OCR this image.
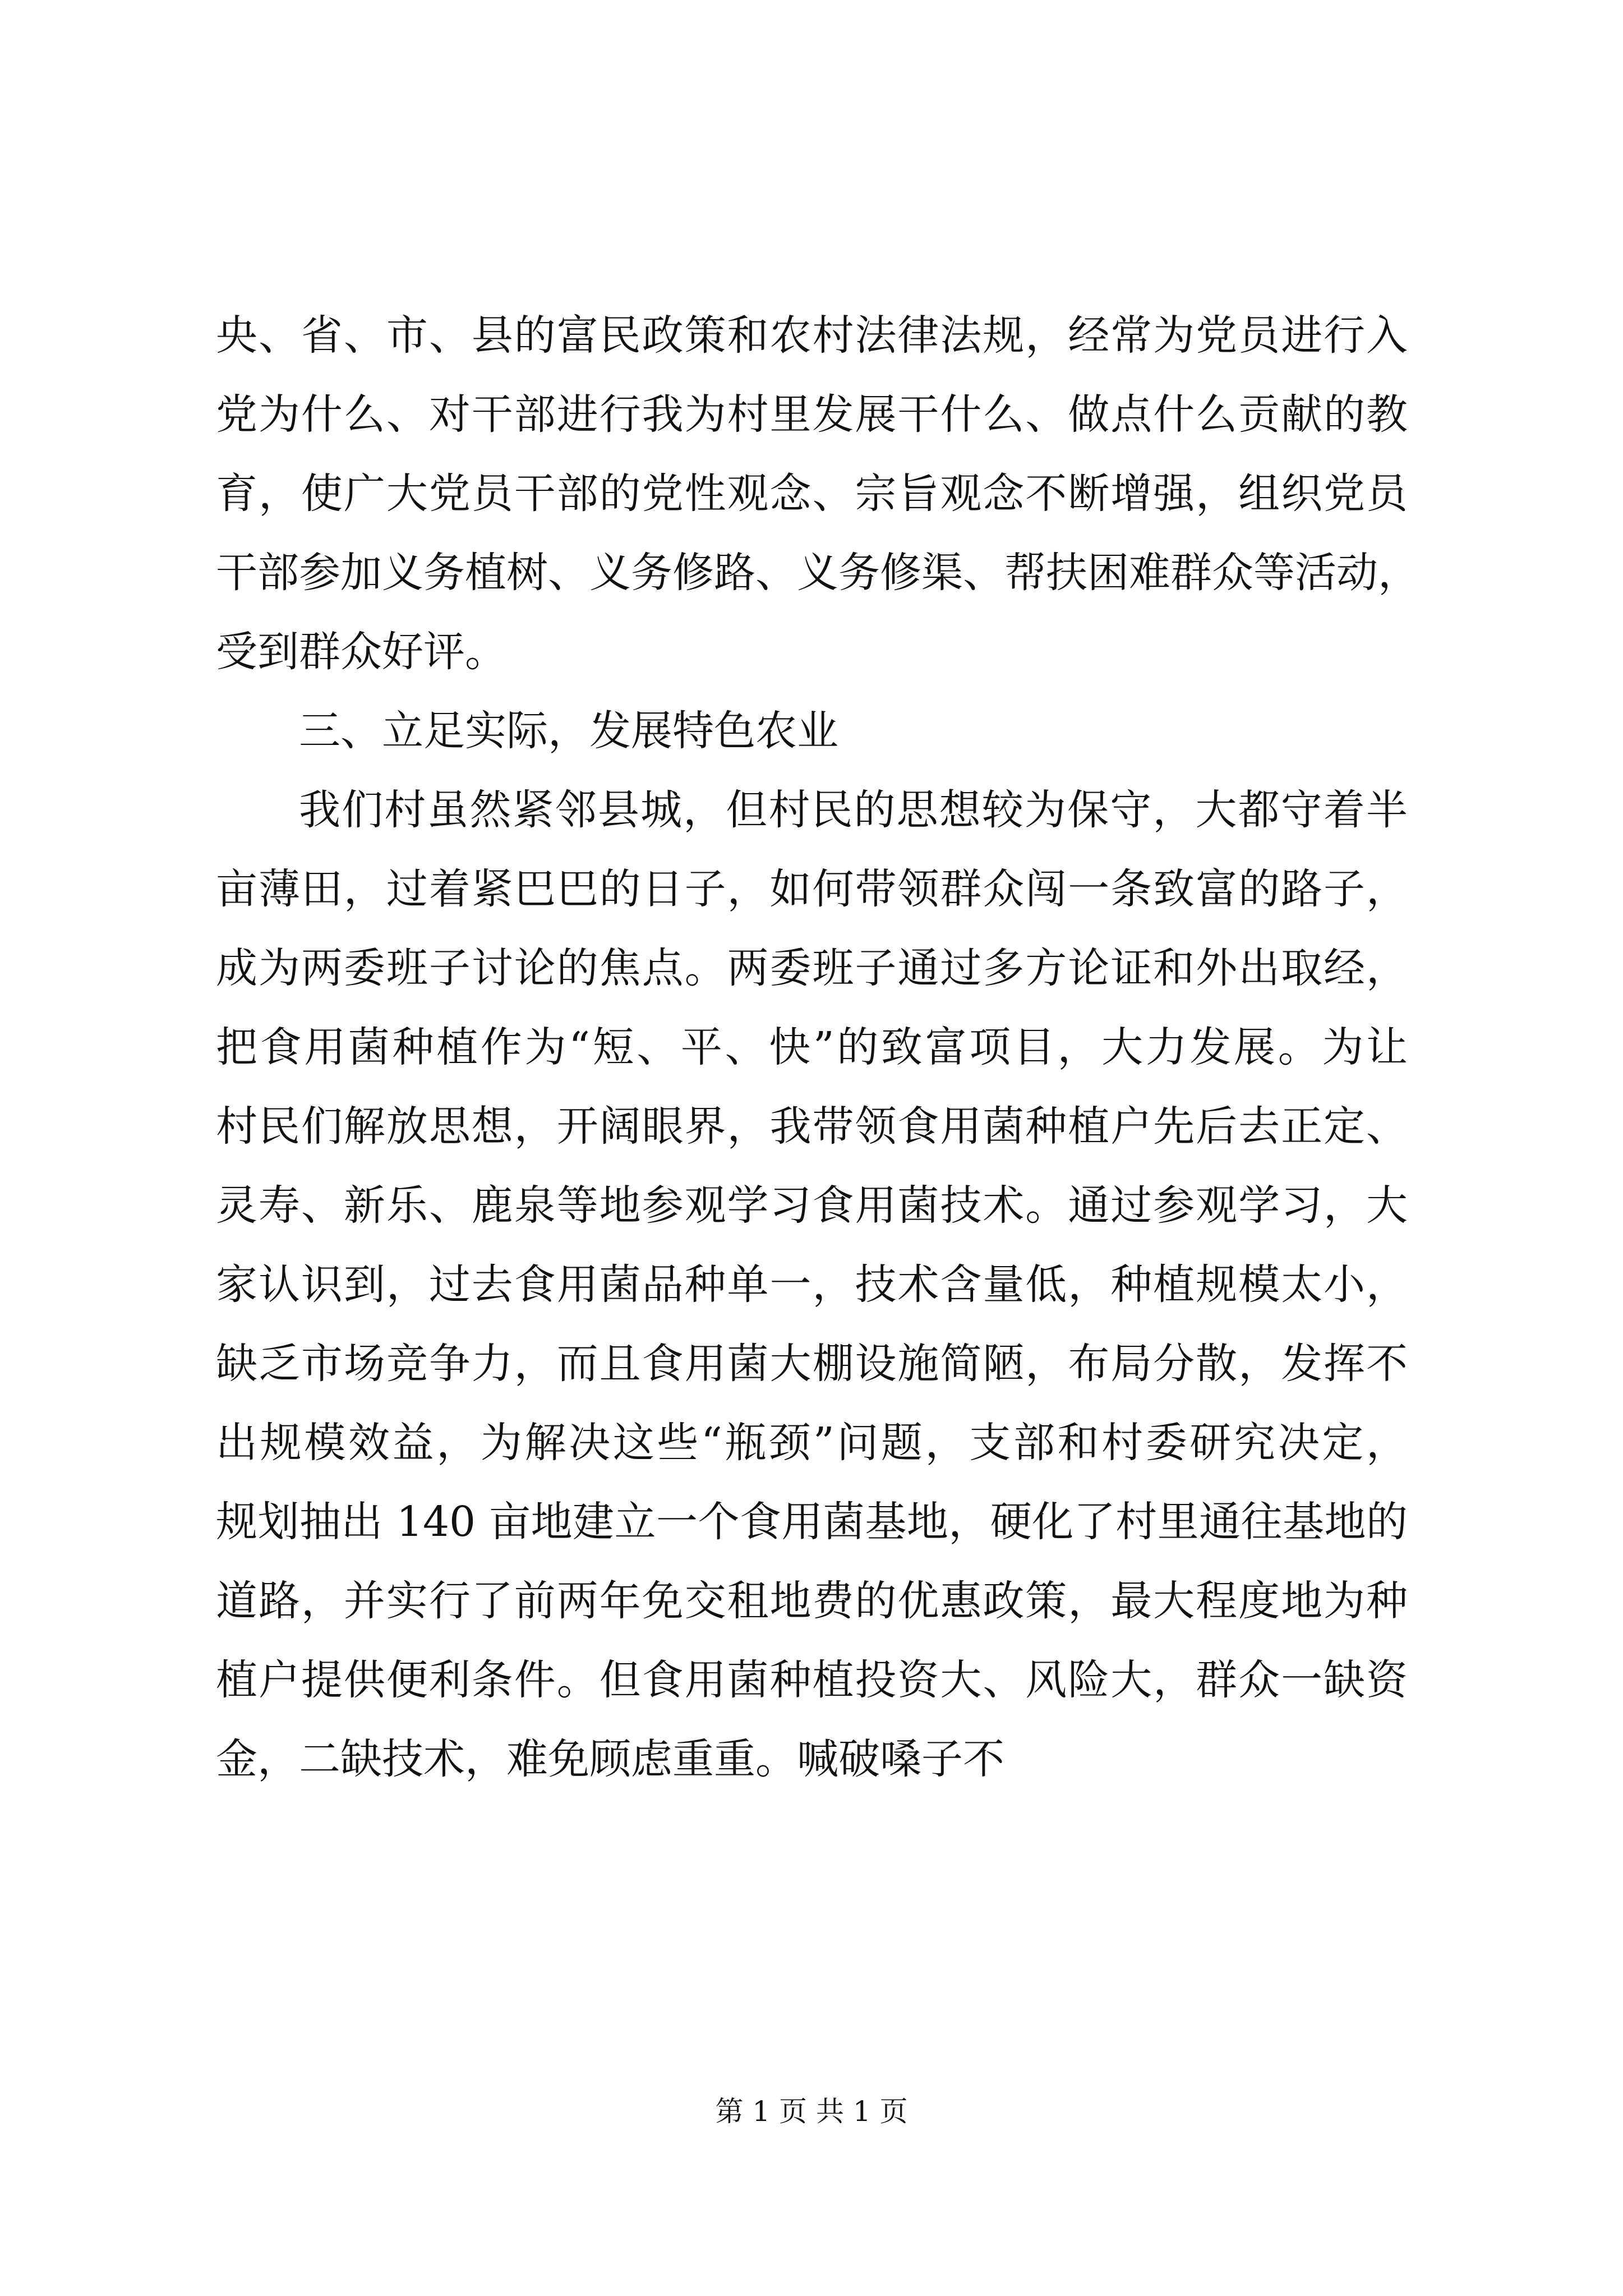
央、省、市、县的富民政策和农村法律法规，经常为党员进行入
党为什么、对干部进行我为村里发展干什么、做点什么贡献的教
育，使广大党员干部的党性观念、宗旨观念不断增强，组织党员
干部参加义务植树、义务修路、义务修渠、帮扶困难群众等活动，
受到群众好评。
三、立足实际，发展特色农业
我们村虽然紧邻县城，但村民的思想较为保守，大都守着半
亩薄田，过着紧巴巴的日子，如何带领群众闯一条致富的路子，
成为两委班子讨论的焦点。两委班子通过多方论证和外出取经，
把食用菌种植作为“短、平、快”的致富项目，大力发展。为让
村民们解放思想，开阔眼界，我带领食用菌种植户先后去正定、
灵寿、新乐、鹿泉等地参观学习食用菌技术。通过参观学习，大
家认识到，过去食用菌品种单一，技术含量低，种植规模太小，
缺乏市场竞争力，而且食用菌大棚设施简陋，布局分散，发挥不
出规模效益，为解决这些“瓶颈”问题，支部和村委研究决定，
规划抽出 140 亩地建立一个食用菌基地，硬化了村里通往基地的
道路，并实行了前两年免交租地费的优惠政策，最大程度地为种
植户提供便利条件。但食用菌种植投资大、风险大，群众一缺资
金，二缺技术，难免顾虑重重。喊破嗓子不
第 1 页 共 1 页
